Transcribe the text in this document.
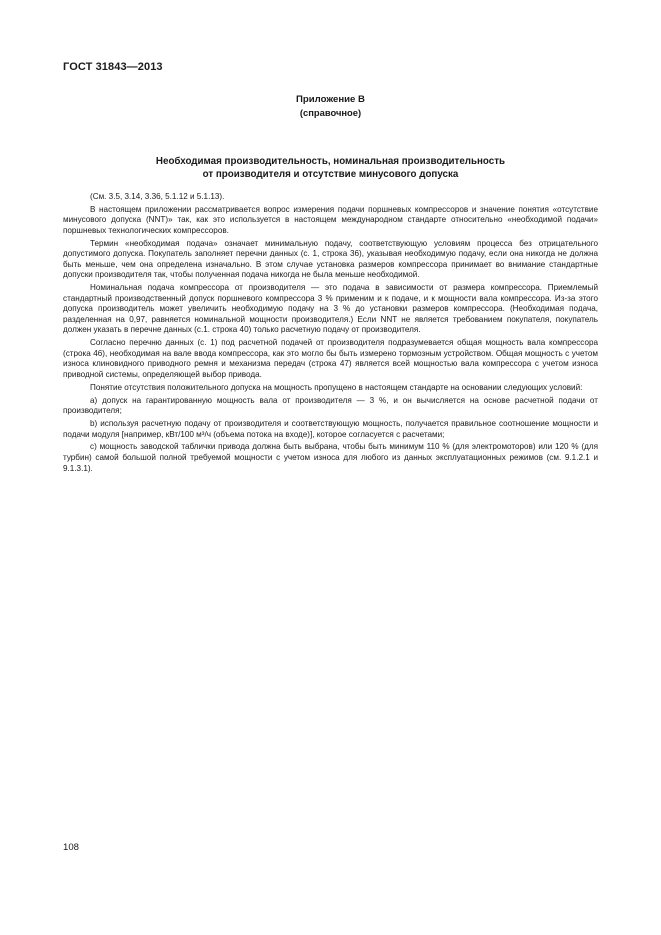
ГОСТ 31843—2013
Приложение В
(справочное)
Необходимая производительность, номинальная производительность
от производителя и отсутствие минусового допуска

(См. 3.5, 3.14, 3.36, 5.1.12 и 5.1.13).

В настоящем приложении рассматривается вопрос измерения подачи поршневых компрессоров и значение понятия «отсутствие минусового допуска (NNT)» так, как это используется в настоящем международном стандарте относительно «необходимой подачи» поршневых технологических компрессоров.

Термин «необходимая подача» означает минимальную подачу, соответствующую условиям процесса без отрицательного допустимого допуска. Покупатель заполняет перечни данных (с. 1, строка 36), указывая необходимую подачу, если она никогда не должна быть меньше, чем она определена изначально. В этом случае установка размеров компрессора принимает во внимание стандартные допуски производителя так, чтобы полученная подача никогда не была меньше необходимой.

Номинальная подача компрессора от производителя — это подача в зависимости от размера компрессора. Приемлемый стандартный производственный допуск поршневого компрессора 3 % применим и к подаче, и к мощности вала компрессора. Из-за этого допуска производитель может увеличить необходимую подачу на 3 % до установки размеров компрессора. (Необходимая подача, разделенная на 0,97, равняется номинальной мощности производителя.) Если NNT не является требованием покупателя, покупатель должен указать в перечне данных (с.1. строка 40) только расчетную подачу от производителя.

Согласно перечню данных (с. 1) под расчетной подачей от производителя подразумевается общая мощность вала компрессора (строка 46), необходимая на вале ввода компрессора, как это могло бы быть измерено тормозным устройством. Общая мощность с учетом износа клиновидного приводного ремня и механизма передач (строка 47) является всей мощностью вала компрессора с учетом износа приводной системы, определяющей выбор привода.

Понятие отсутствия положительного допуска на мощность пропущено в настоящем стандарте на основании следующих условий:

а) допуск на гарантированную мощность вала от производителя — 3 %, и он вычисляется на основе расчетной подачи от производителя;

b) используя расчетную подачу от производителя и соответствующую мощность, получается правильное соотношение мощности и подачи модуля [например, кВт/100 м³/ч (объема потока на входе)], которое согласуется с расчетами;

с) мощность заводской таблички привода должна быть выбрана, чтобы быть минимум 110 % (для электромоторов) или 120 % (для турбин) самой большой полной требуемой мощности с учетом износа для любого из данных эксплуатационных режимов (см. 9.1.2.1 и 9.1.3.1).

108
